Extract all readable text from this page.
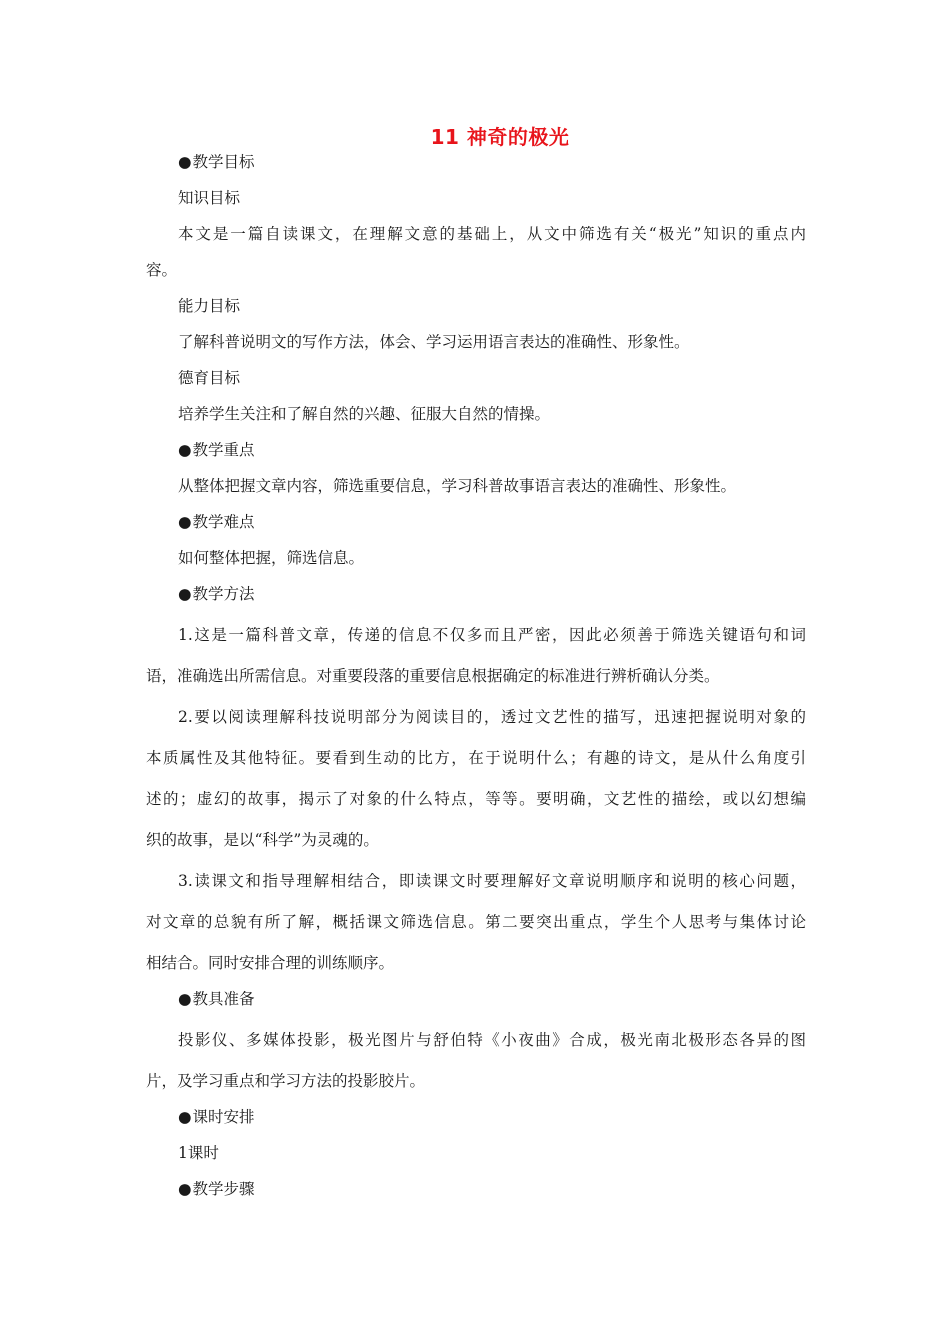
11 神奇的极光
● 教学目标
知识目标
本文是一篇自读课文，在理解文意的基础上，从文中筛选有关“极光”知识的重点内
容。
能力目标
了解科普说明文的写作方法，体会、学习运用语言表达的准确性、形象性。
德育目标
培养学生关注和了解自然的兴趣、征服大自然的情操。
● 教学重点
从整体把握文章内容，筛选重要信息，学习科普故事语言表达的准确性、形象性。
● 教学难点
如何整体把握，筛选信息。
● 教学方法
1.这是一篇科普文章，传递的信息不仅多而且严密，因此必须善于筛选关键语句和词
语，准确选出所需信息。对重要段落的重要信息根据确定的标准进行辨析确认分类。
2.要以阅读理解科技说明部分为阅读目的，透过文艺性的描写，迅速把握说明对象的
本质属性及其他特征。要看到生动的比方，在于说明什么；有趣的诗文，是从什么角度引
述的；虚幻的故事，揭示了对象的什么特点，等等。要明确，文艺性的描绘，或以幻想编
织的故事，是以“科学”为灵魂的。
3.读课文和指导理解相结合，即读课文时要理解好文章说明顺序和说明的核心问题，
对文章的总貌有所了解，概括课文筛选信息。第二要突出重点，学生个人思考与集体讨论
相结合。同时安排合理的训练顺序。
● 教具准备
投影仪、多媒体投影，极光图片与舒伯特《小夜曲》合成，极光南北极形态各异的图
片，及学习重点和学习方法的投影胶片。
● 课时安排
1课时
● 教学步骤
